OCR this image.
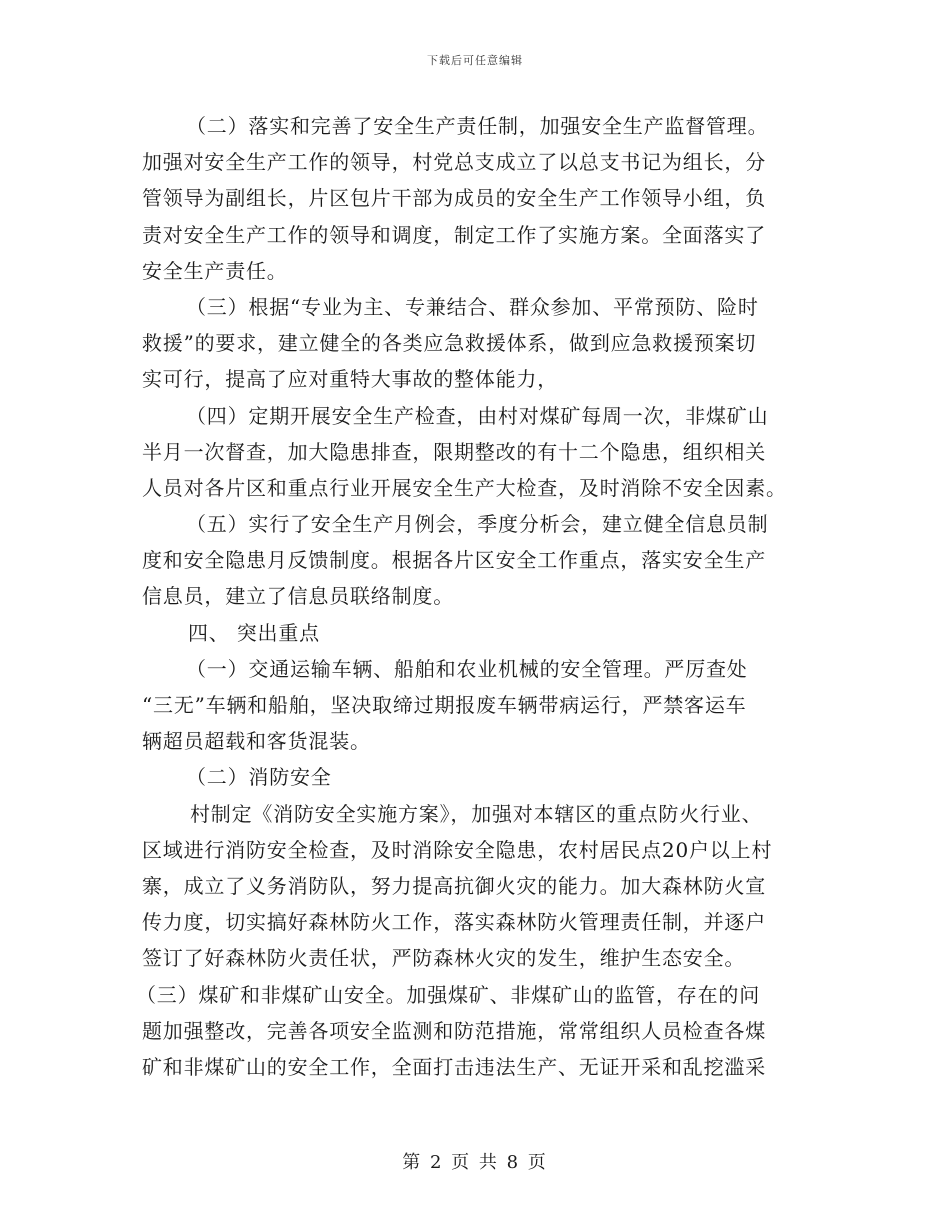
下载后可任意编辑
（二）落实和完善了安全生产责任制，加强安全生产监督管理。
加强对安全生产工作的领导，村党总支成立了以总支书记为组长，分
管领导为副组长，片区包片干部为成员的安全生产工作领导小组，负
责对安全生产工作的领导和调度，制定工作了实施方案。全面落实了
安全生产责任。
（三）根据“专业为主、专兼结合、群众参加、平常预防、险时
救援”的要求，建立健全的各类应急救援体系，做到应急救援预案切
实可行，提高了应对重特大事故的整体能力，
（四）定期开展安全生产检查，由村对煤矿每周一次，非煤矿山
半月一次督查，加大隐患排查，限期整改的有十二个隐患，组织相关
人员对各片区和重点行业开展安全生产大检查，及时消除不安全因素。
（五）实行了安全生产月例会，季度分析会，建立健全信息员制
度和安全隐患月反馈制度。根据各片区安全工作重点，落实安全生产
信息员，建立了信息员联络制度。
四、 突出重点
（一）交通运输车辆、船舶和农业机械的安全管理。严厉查处
“三无”车辆和船舶，坚决取缔过期报废车辆带病运行，严禁客运车
辆超员超载和客货混装。
（二）消防安全
村制定《消防安全实施方案》，加强对本辖区的重点防火行业、
区域进行消防安全检查，及时消除安全隐患，农村居民点20户以上村
寨，成立了义务消防队，努力提高抗御火灾的能力。加大森林防火宣
传力度，切实搞好森林防火工作，落实森林防火管理责任制，并逐户
签订了好森林防火责任状，严防森林火灾的发生，维护生态安全。
（三）煤矿和非煤矿山安全。加强煤矿、非煤矿山的监管，存在的问
题加强整改，完善各项安全监测和防范措施，常常组织人员检查各煤
矿和非煤矿山的安全工作，全面打击违法生产、无证开采和乱挖滥采
第 2 页 共 8 页
